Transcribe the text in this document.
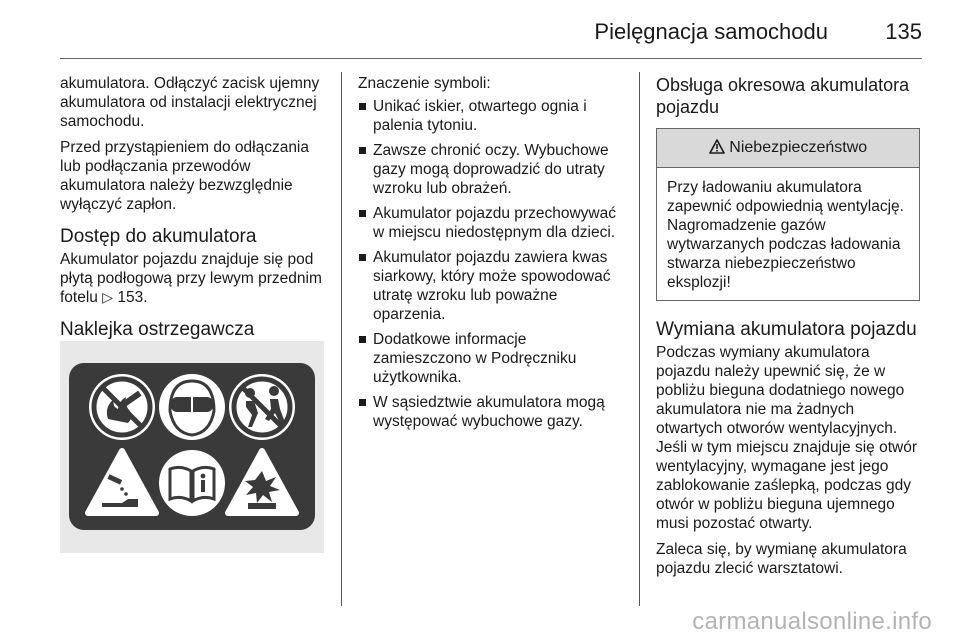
Pielęgnacja samochodu	135

akumulatora. Odłączyć zacisk ujemny akumulatora od instalacji elektrycznej samochodu.

Przed przystąpieniem do odłączania lub podłączania przewodów akumulatora należy bezwzględnie wyłączyć zapłon.

Dostęp do akumulatora

Akumulator pojazdu znajduje się pod płytą podłogową przy lewym przednim fotelu ▷ 153.

Naklejka ostrzegawcza

Znaczenie symboli:

Unikać iskier, otwartego ognia i palenia tytoniu.
Zawsze chronić oczy. Wybuchowe gazy mogą doprowadzić do utraty wzroku lub obrażeń.
Akumulator pojazdu przechowywać w miejscu niedostępnym dla dzieci.
Akumulator pojazdu zawiera kwas siarkowy, który może spowodować utratę wzroku lub poważne oparzenia.
Dodatkowe informacje zamieszczono w Podręczniku użytkownika.
W sąsiedztwie akumulatora mogą występować wybuchowe gazy.
Obsługa okresowa akumulatora pojazdu
Niebezpieczeństwo
Przy ładowaniu akumulatora zapewnić odpowiednią wentylację. Nagromadzenie gazów wytwarzanych podczas ładowania stwarza niebezpieczeństwo eksplozji!
Wymiana akumulatora pojazdu

Podczas wymiany akumulatora pojazdu należy upewnić się, że w pobliżu bieguna dodatniego nowego akumulatora nie ma żadnych otwartych otworów wentylacyjnych. Jeśli w tym miejscu znajduje się otwór wentylacyjny, wymagane jest jego zablokowanie zaślepką, podczas gdy otwór w pobliżu bieguna ujemnego musi pozostać otwarty.

Zaleca się, by wymianę akumulatora pojazdu zlecić warsztatowi.

carmanualsonline.info
